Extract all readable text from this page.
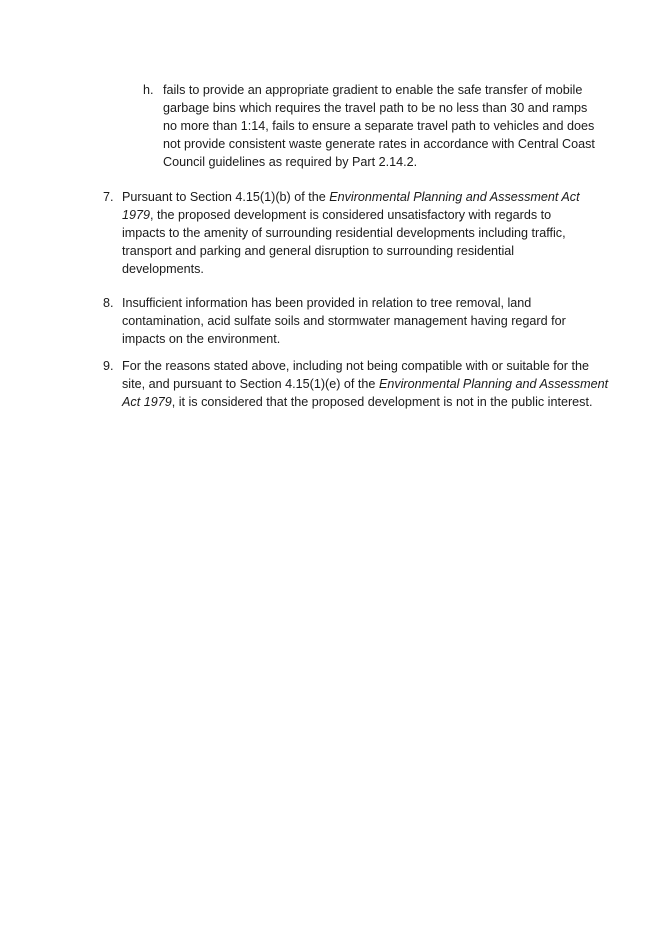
h. fails to provide an appropriate gradient to enable the safe transfer of mobile
garbage bins which requires the travel path to be no less than 30 and ramps
no more than 1:14, fails to ensure a separate travel path to vehicles and does
not provide consistent waste generate rates in accordance with Central Coast
Council guidelines as required by Part 2.14.2.
7. Pursuant to Section 4.15(1)(b) of the Environmental Planning and Assessment Act
1979, the proposed development is considered unsatisfactory with regards to
impacts to the amenity of surrounding residential developments including traffic,
transport and parking and general disruption to surrounding residential
developments.
8. Insufficient information has been provided in relation to tree removal, land
contamination, acid sulfate soils and stormwater management having regard for
impacts on the environment.
9. For the reasons stated above, including not being compatible with or suitable for the
site, and pursuant to Section 4.15(1)(e) of the Environmental Planning and Assessment
Act 1979, it is considered that the proposed development is not in the public interest.
